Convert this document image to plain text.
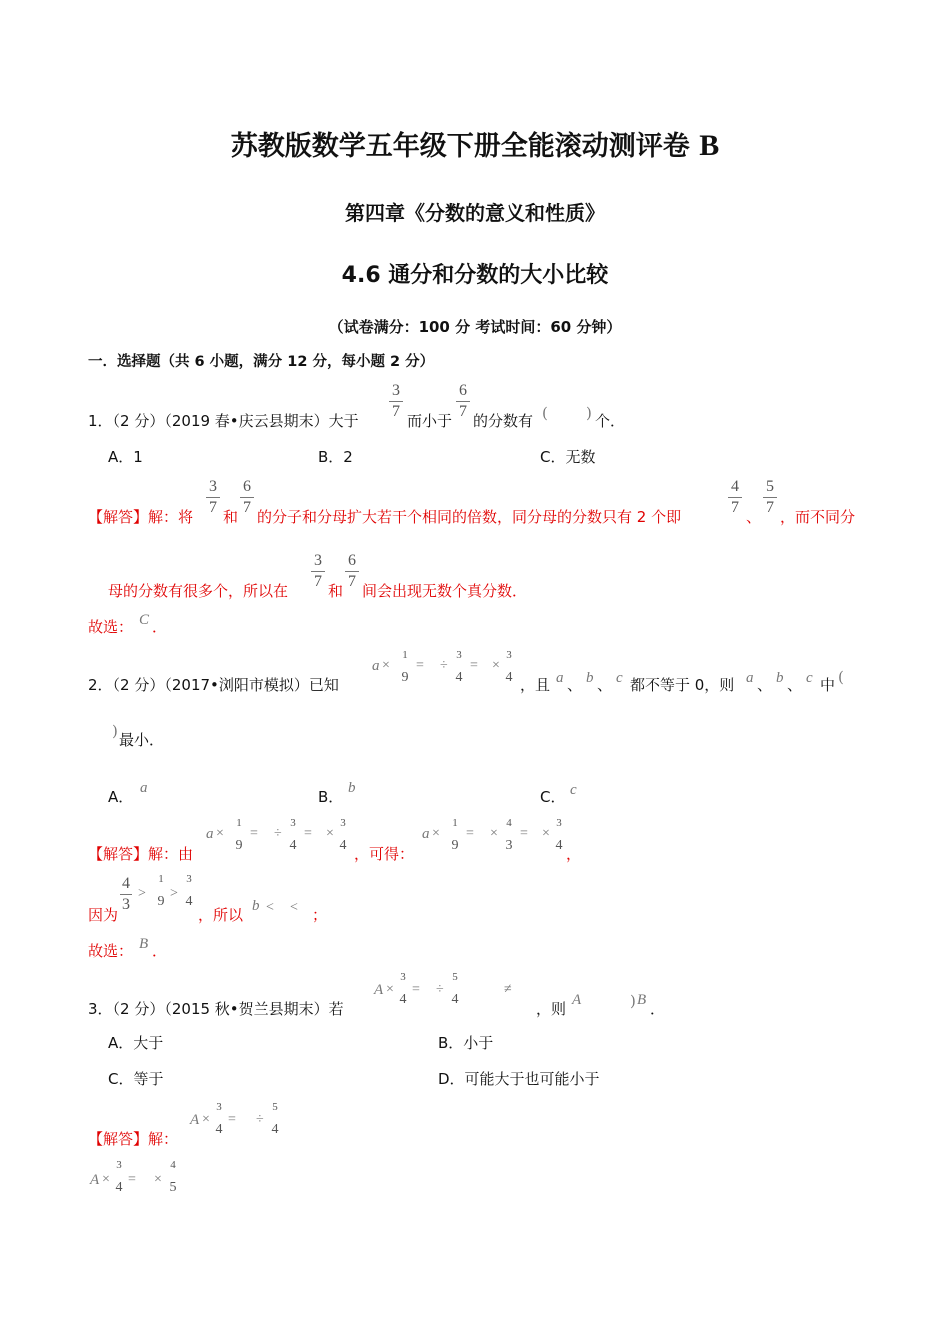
苏教版数学五年级下册全能滚动测评卷 B
第四章《分数的意义和性质》
4.6 通分和分数的大小比较
（试卷满分：100 分 考试时间：60 分钟）
一．选择题（共 6 小题，满分 12 分，每小题 2 分）
1．（2 分）（2019 春•庆云县期末）大于
3
7
而小于
6
7
的分数有 (	) 个．
A．1	B．2	C．无数
【解答】解：将
3
7
和
6
7
的分子和分母扩大若干个相同的倍数，同分母的分数只有 2 个即
4
7
、
5
7
，而不同分
母的分数有很多个，所以在
3
7
和
6
7
间会出现无数个真分数．
故选： C ．
2．（2 分）（2017•浏阳市模拟）已知
a ×
1
9
= ÷
3
4
= ×
3
4 ，且 a 、 b 、 c 都不等于 0，则 a 、 b 、 c 中 (
) 最小．
A． a	B． b	C． c
【解答】解：由
a ×
1
9
= ÷
3
4
= ×
3
4 ，可得：
a ×
1
9
= ×
4
3
= ×
3
4 ，
因为
4
3
>
1
9
>
3
4
，所以 b < < ；
故选： B ．
3．（2 分）（2015 秋•贺兰县期末）若
A ×
3
4
= ÷
5
4
≠
，则 A	) B ．
A．大于	B．小于
C．等于	D．可能大于也可能小于
【解答】解：
A ×
3
4
= ÷
5
4
A ×
3
4
= ×
4
5
